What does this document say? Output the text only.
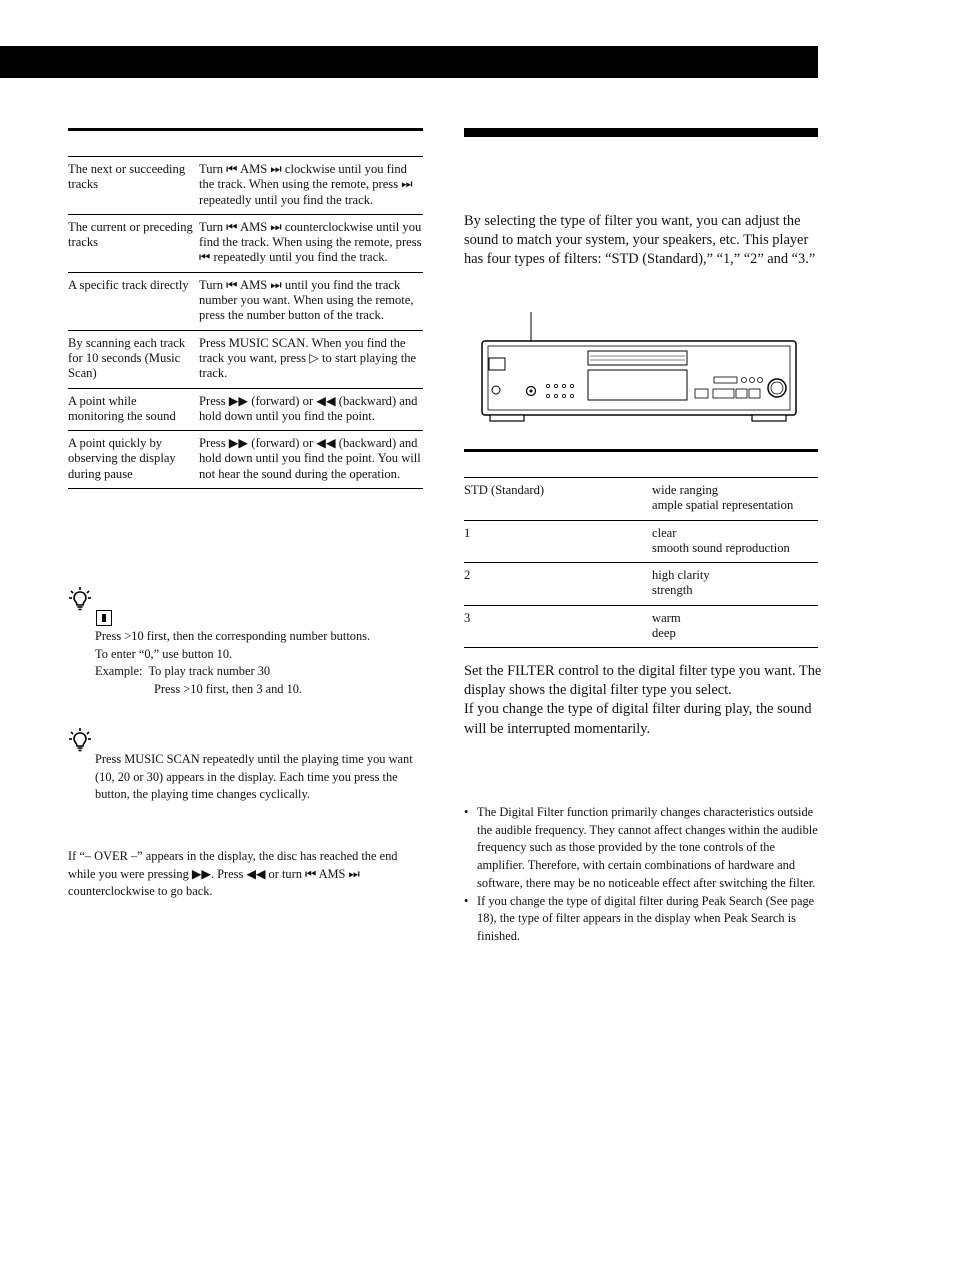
The next or succeeding tracks	Turn ⏮ AMS ⏭ clockwise until you find the track. When using the remote, press ⏭ repeatedly until you find the track.
The current or preceding tracks	Turn ⏮ AMS ⏭ counterclockwise until you find the track. When using the remote, press ⏮ repeatedly until you find the track.
A specific track directly	Turn ⏮ AMS ⏭ until you find the track number you want. When using the remote, press the number button of the track.
By scanning each track for 10 seconds (Music Scan)	Press MUSIC SCAN. When you find the track you want, press ▷ to start playing the track.
A point while monitoring the sound	Press ▶▶ (forward) or ◀◀ (backward) and hold down until you find the point.
A point quickly by observing the display during pause	Press ▶▶ (forward) or ◀◀ (backward) and hold down until you find the point. You will not hear the sound during the operation.

Press >10 first, then the corresponding number buttons.

To enter “0,” use button 10.

Example: To play track number 30

Press >10 first, then 3 and 10.

Press MUSIC SCAN repeatedly until the playing time you want (10, 20 or 30) appears in the display. Each time you press the button, the playing time changes cyclically.
If “– OVER –” appears in the display, the disc has reached the end while you were pressing ▶▶. Press ◀◀ or turn ⏮ AMS ⏭ counterclockwise to go back.
By selecting the type of filter you want, you can adjust the sound to match your system, your speakers, etc. This player has four types of filters: “STD (Standard),” “1,” “2” and “3.”
STD (Standard)	wide ranging
ample spatial representation

1	clear
smooth sound reproduction

2	high clarity
strength

3	warm
deep
Set the FILTER control to the digital filter type you want. The display shows the digital filter type you select.
If you change the type of digital filter during play, the sound will be interrupted momentarily.
• The Digital Filter function primarily changes characteristics outside the audible frequency. They cannot affect changes within the audible frequency such as those provided by the tone controls of the amplifier. Therefore, with certain combinations of hardware and software, there may be no noticeable effect after switching the filter.
• If you change the type of digital filter during Peak Search (See page 18), the type of filter appears in the display when Peak Search is finished.
